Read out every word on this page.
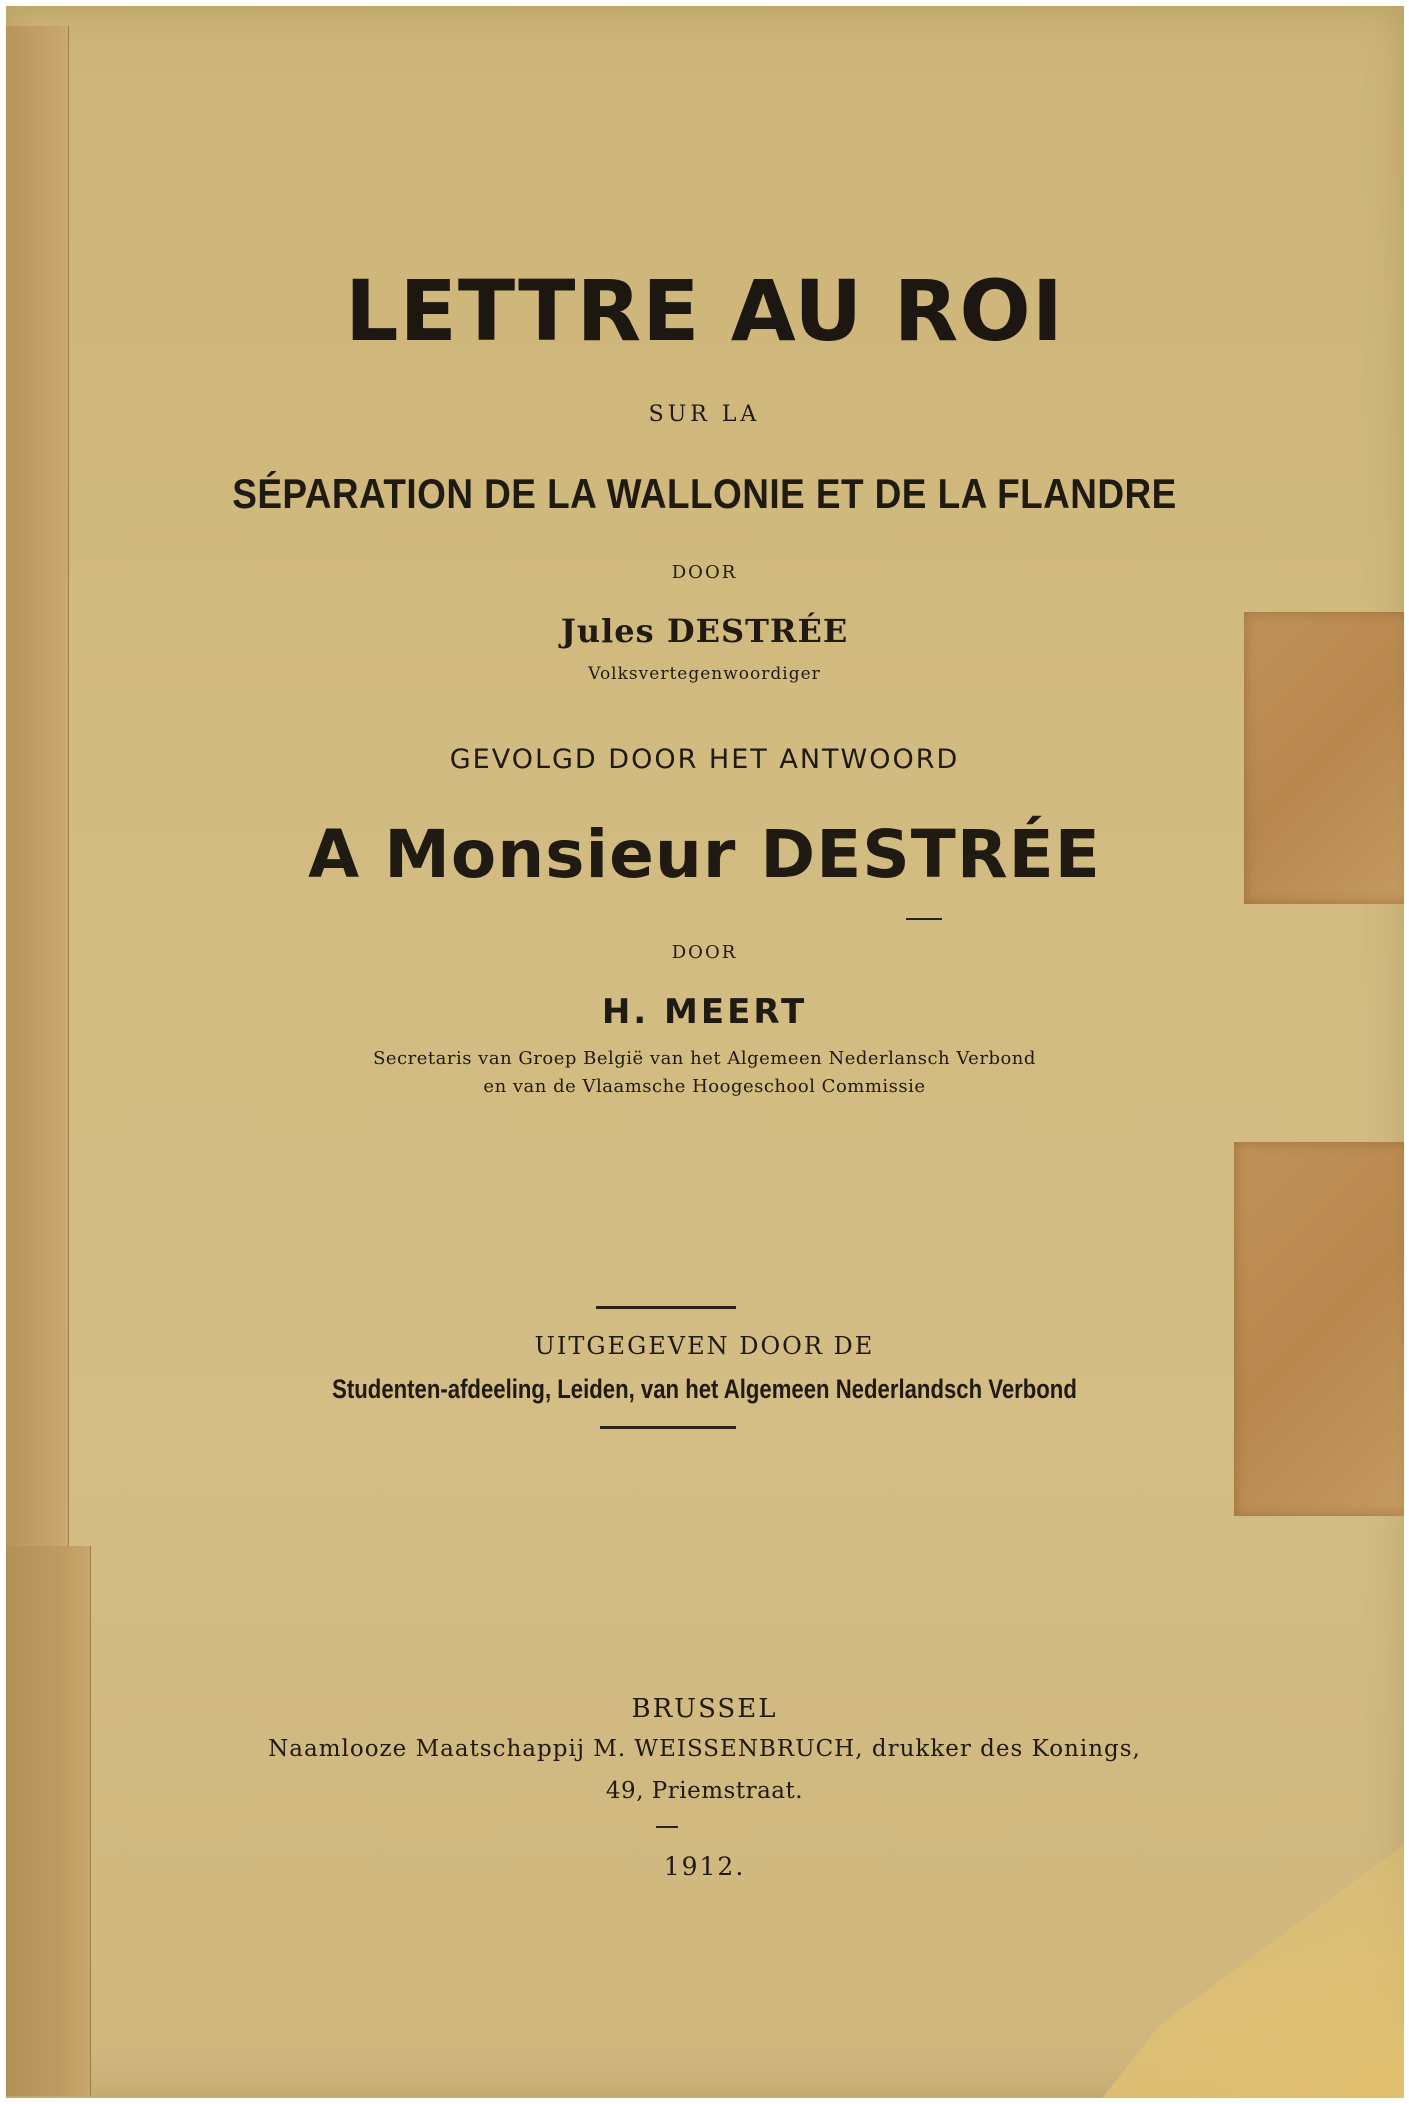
LETTRE AU ROI
SUR LA
SÉPARATION DE LA WALLONIE ET DE LA FLANDRE
DOOR
Jules DESTRÉE
Volksvertegenwoordiger
GEVOLGD DOOR HET ANTWOORD
A Monsieur DESTRÉE
DOOR
H. MEERT
Secretaris van Groep België van het Algemeen Nederlansch Verbond
en van de Vlaamsche Hoogeschool Commissie
UITGEGEVEN DOOR DE
Studenten-afdeeling, Leiden, van het Algemeen Nederlandsch Verbond
BRUSSEL
Naamlooze Maatschappij M. WEISSENBRUCH, drukker des Konings,
49, Priemstraat.
1912.
